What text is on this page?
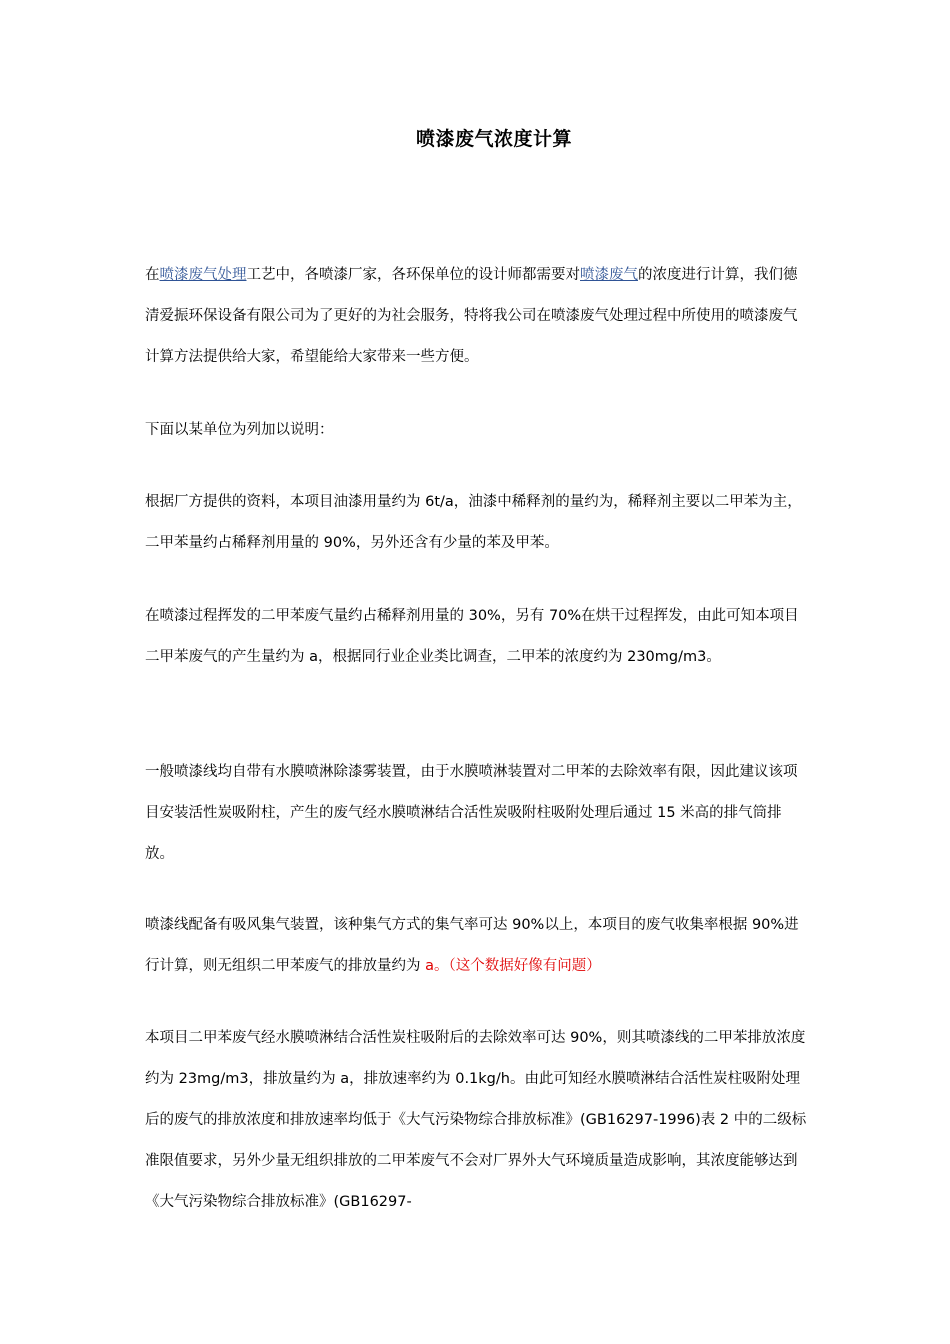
喷漆废气浓度计算

在喷漆废气处理工艺中，各喷漆厂家，各环保单位的设计师都需要对喷漆废气的浓度进行计算，我们德清爱振环保设备有限公司为了更好的为社会服务，特将我公司在喷漆废气处理过程中所使用的喷漆废气计算方法提供给大家，希望能给大家带来一些方便。

下面以某单位为列加以说明：

根据厂方提供的资料，本项目油漆用量约为 6t/a，油漆中稀释剂的量约为，稀释剂主要以二甲苯为主，二甲苯量约占稀释剂用量的 90%，另外还含有少量的苯及甲苯。

在喷漆过程挥发的二甲苯废气量约占稀释剂用量的 30%，另有 70%在烘干过程挥发，由此可知本项目二甲苯废气的产生量约为 a，根据同行业企业类比调查，二甲苯的浓度约为 230mg/m3。

一般喷漆线均自带有水膜喷淋除漆雾装置，由于水膜喷淋装置对二甲苯的去除效率有限，因此建议该项目安装活性炭吸附柱，产生的废气经水膜喷淋结合活性炭吸附柱吸附处理后通过 15 米高的排气筒排放。

喷漆线配备有吸风集气装置，该种集气方式的集气率可达 90%以上，本项目的废气收集率根据 90%进行计算，则无组织二甲苯废气的排放量约为 a。（这个数据好像有问题）

本项目二甲苯废气经水膜喷淋结合活性炭柱吸附后的去除效率可达 90%，则其喷漆线的二甲苯排放浓度约为 23mg/m3，排放量约为 a，排放速率约为 0.1kg/h。由此可知经水膜喷淋结合活性炭柱吸附处理后的废气的排放浓度和排放速率均低于《大气污染物综合排放标准》(GB16297-1996)表 2 中的二级标准限值要求，另外少量无组织排放的二甲苯废气不会对厂界外大气环境质量造成影响，其浓度能够达到《大气污染物综合排放标准》(GB16297-
